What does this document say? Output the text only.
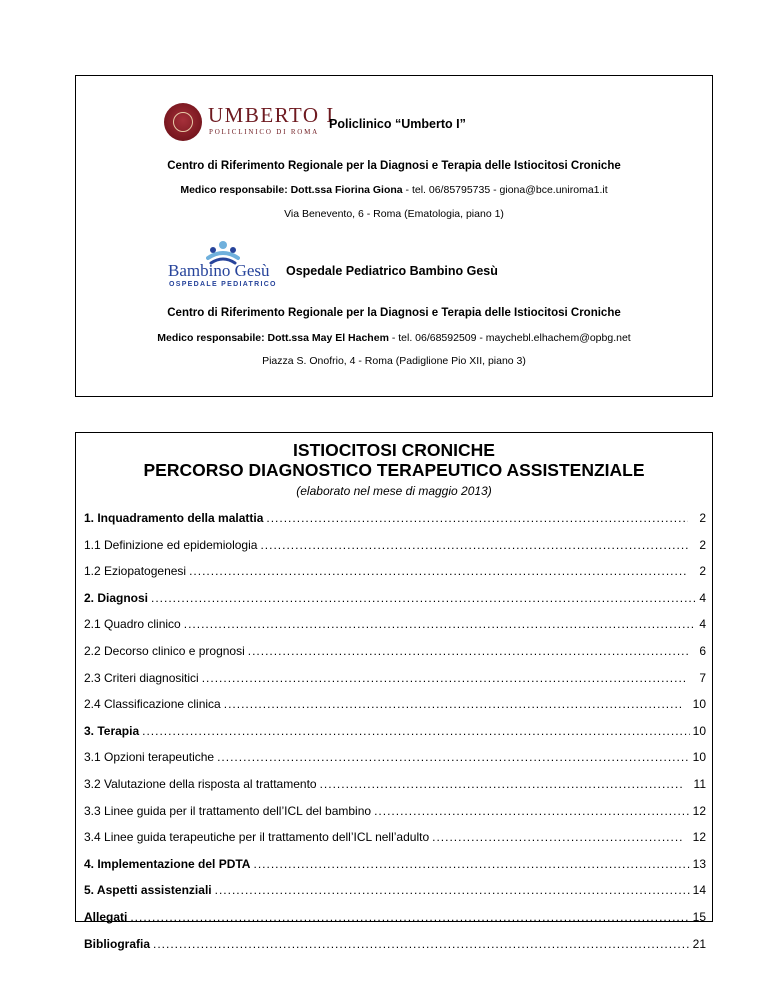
UMBERTO I
POLICLINICO DI ROMA
Policlinico “Umberto I”
Centro di Riferimento Regionale per la Diagnosi e Terapia delle Istiocitosi Croniche
Medico responsabile: Dott.ssa Fiorina Giona - tel. 06/85795735 - giona@bce.uniroma1.it
Via Benevento, 6 - Roma (Ematologia, piano 1)
Bambino Gesù
OSPEDALE PEDIATRICO
Ospedale Pediatrico Bambino Gesù
Centro di Riferimento Regionale per la Diagnosi e Terapia delle Istiocitosi Croniche
Medico responsabile: Dott.ssa May El Hachem - tel. 06/68592509 - maychebl.elhachem@opbg.net
Piazza S. Onofrio, 4 - Roma (Padiglione Pio XII, piano 3)
ISTIOCITOSI CRONICHE
PERCORSO DIAGNOSTICO TERAPEUTICO ASSISTENZIALE
(elaborato nel mese di maggio 2013)
1. Inquadramento della malattia .....	2
1.1 Definizione ed epidemiologia .....	2
1.2 Eziopatogenesi .....	2
2. Diagnosi .....	4
2.1 Quadro clinico .....	4
2.2 Decorso clinico e prognosi .....	6
2.3 Criteri diagnositici .....	7
2.4 Classificazione clinica .....	10
3. Terapia .....	10
3.1 Opzioni terapeutiche .....	10
3.2 Valutazione della risposta al trattamento .....	11
3.3 Linee guida per il trattamento dell’ICL del bambino .....	12
3.4 Linee guida terapeutiche per il trattamento dell’ICL nell’adulto .....	12
4. Implementazione del PDTA .....	13
5. Aspetti assistenziali .....	14
Allegati .....	15
Bibliografia .....	21
